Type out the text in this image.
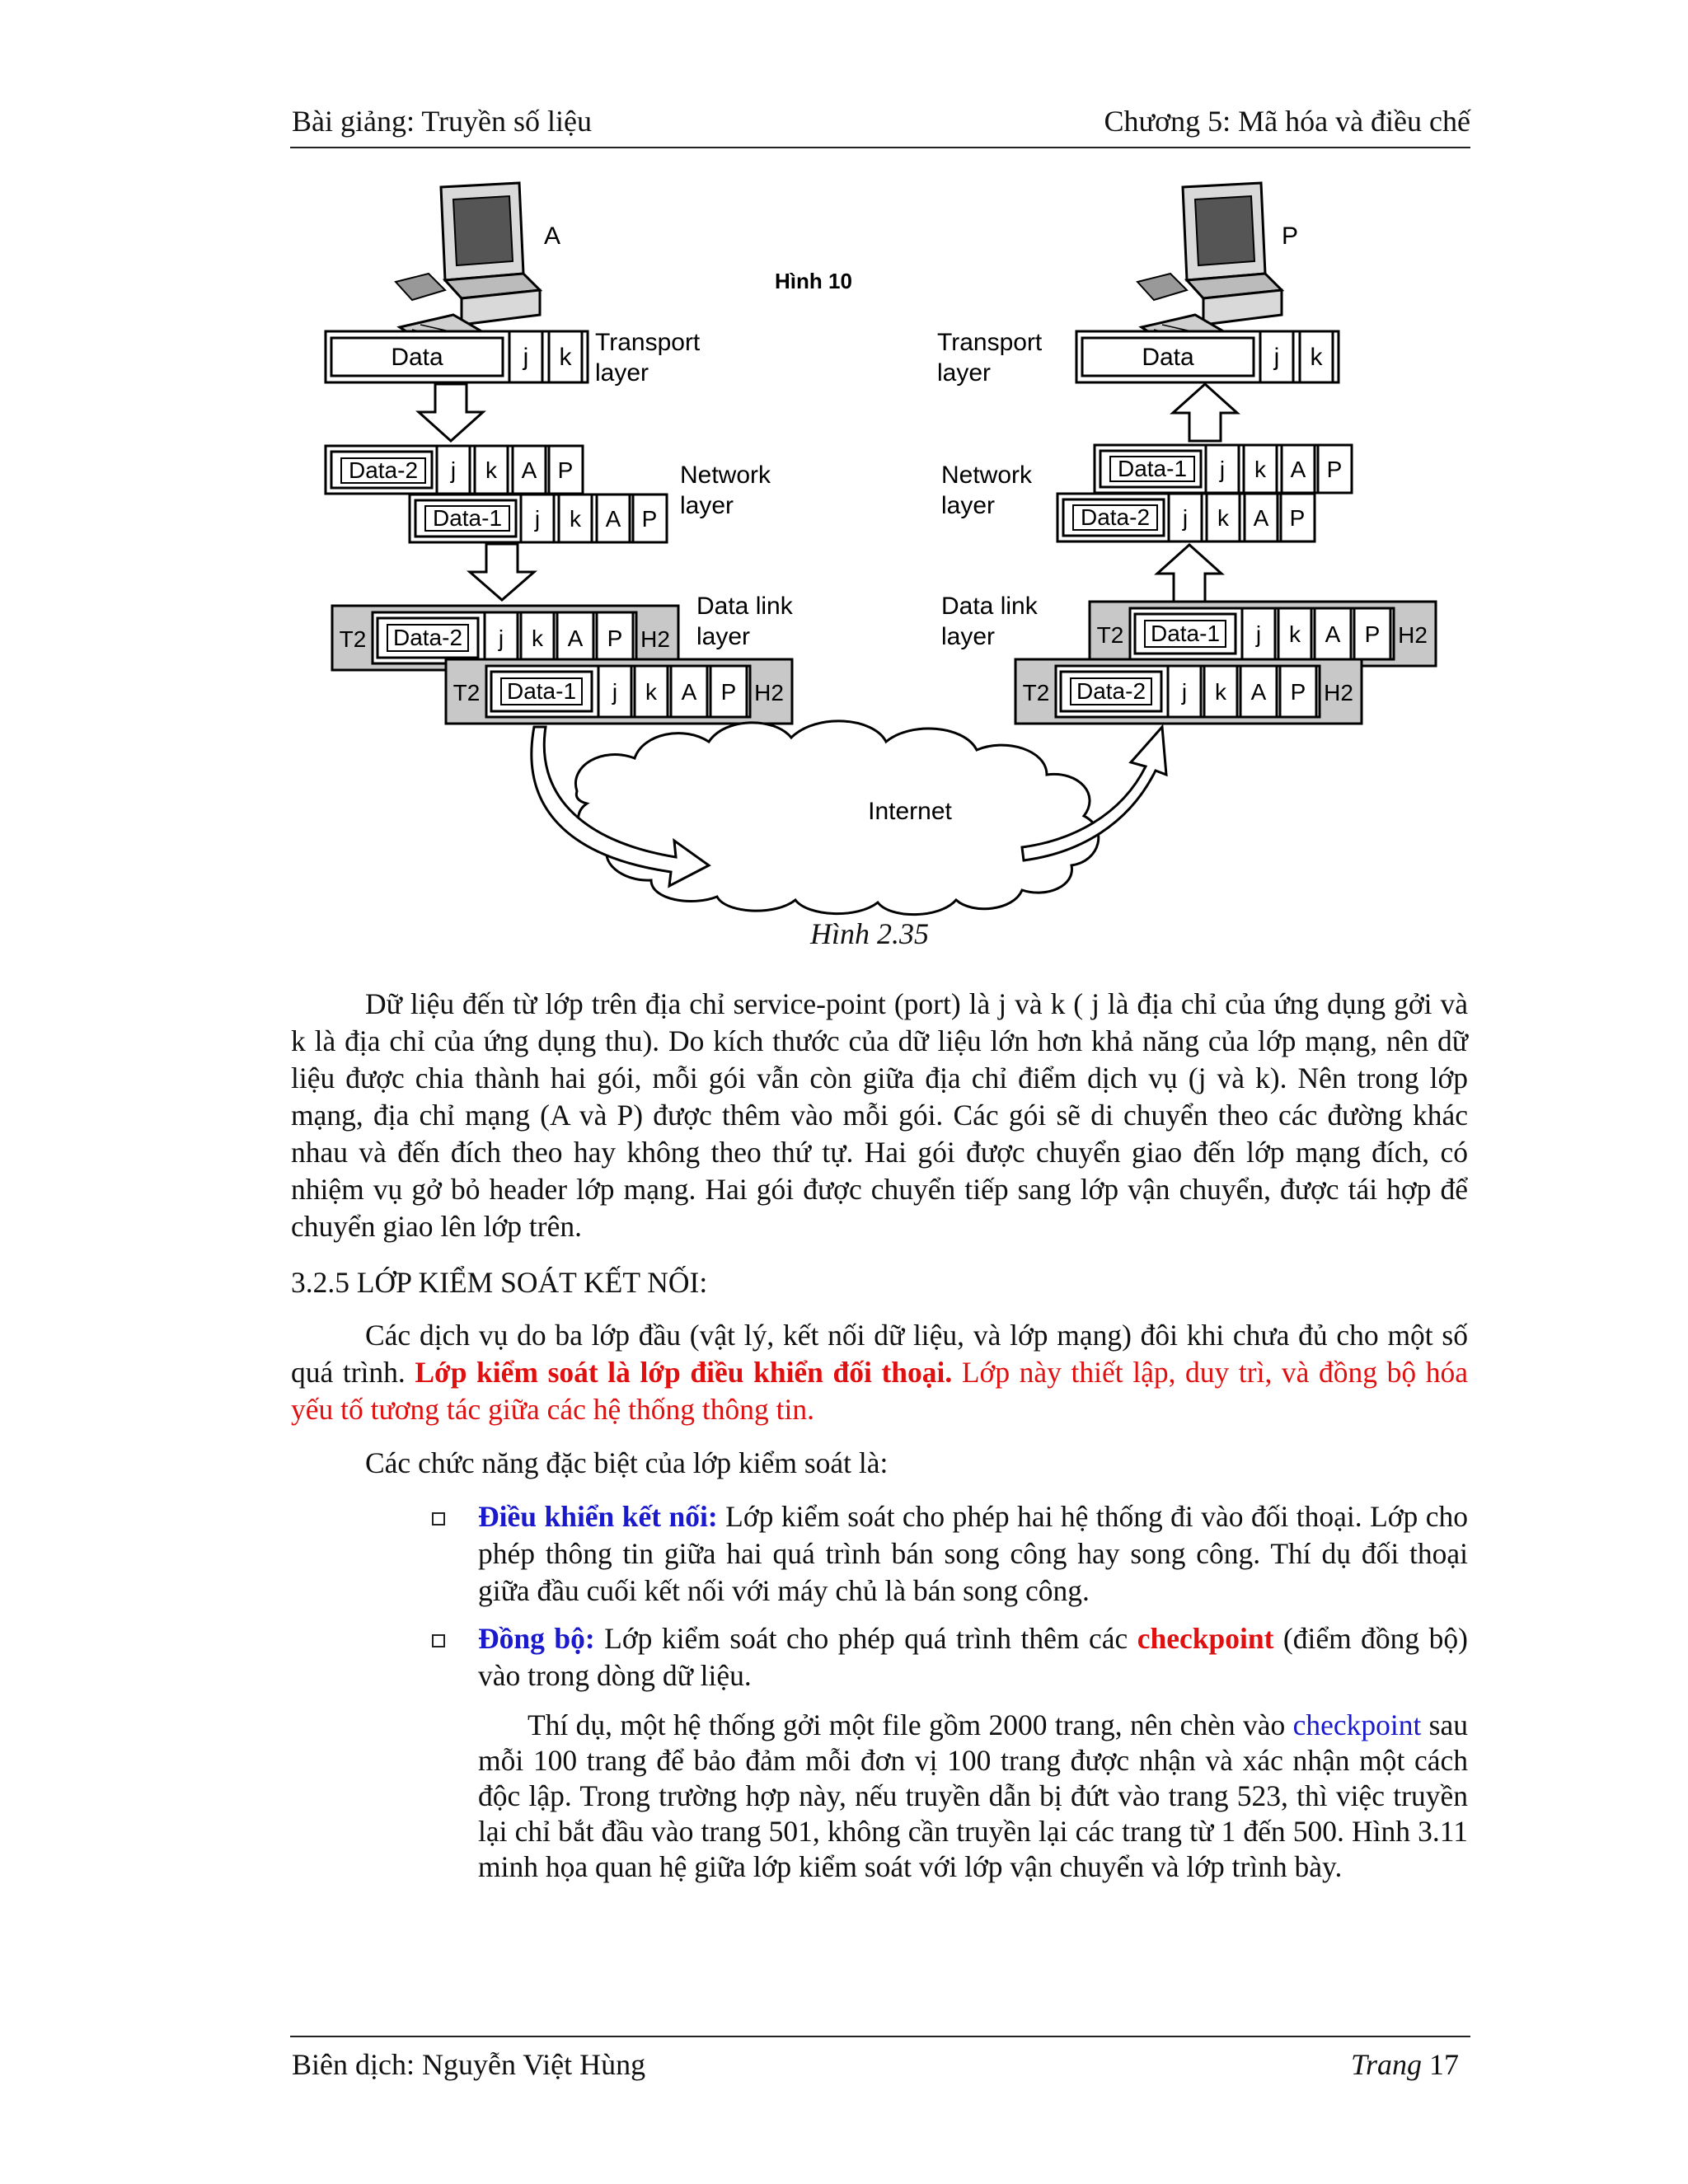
Bài giảng: Truyền số liệu	Chương 5: Mã hóa và điều chế
A	P
Hình 10
Transport
layer
Network
layer
Data link
layer
Transport
layer
Network
layer
Data link
layer
Data	j k	Data	j k
Data-2 j k A P
Data-1 j k A P
Data-1 j k A P
Data-2 j k A P
T2 Data-2 j k A P H2
T2 Data-1 j k A P H2
T2 Data-1 j k A P H2
T2 Data-2 j k A P H2
Internet
Hình 2.35
Dữ liệu đến từ lớp trên địa chỉ service-point (port) là j và k ( j là địa chỉ của ứng dụng gởi và k là địa chỉ của ứng dụng thu). Do kích thước của dữ liệu lớn hơn khả năng của lớp mạng, nên dữ liệu được chia thành hai gói, mỗi gói vẫn còn giữa địa chỉ điểm dịch vụ (j và k). Nên trong lớp mạng, địa chỉ mạng (A và P) được thêm vào mỗi gói. Các gói sẽ di chuyển theo các đường khác nhau và đến đích theo hay không theo thứ tự. Hai gói được chuyển giao đến lớp mạng đích, có nhiệm vụ gở bỏ header lớp mạng. Hai gói được chuyển tiếp sang lớp vận chuyển, được tái hợp để chuyển giao lên lớp trên.
3.2.5 LỚP KIỂM SOÁT KẾT NỐI:
Các dịch vụ do ba lớp đầu (vật lý, kết nối dữ liệu, và lớp mạng) đôi khi chưa đủ cho một số quá trình. Lớp kiểm soát là lớp điều khiển đối thoại. Lớp này thiết lập, duy trì, và đồng bộ hóa yếu tố tương tác giữa các hệ thống thông tin.
Các chức năng đặc biệt của lớp kiểm soát là:
Điều khiển kết nối: Lớp kiểm soát cho phép hai hệ thống đi vào đối thoại. Lớp cho phép thông tin giữa hai quá trình bán song công hay song công. Thí dụ đối thoại giữa đầu cuối kết nối với máy chủ là bán song công.
Đồng bộ: Lớp kiểm soát cho phép quá trình thêm các checkpoint (điểm đồng bộ) vào trong dòng dữ liệu.
Thí dụ, một hệ thống gởi một file gồm 2000 trang, nên chèn vào checkpoint sau mỗi 100 trang để bảo đảm mỗi đơn vị 100 trang được nhận và xác nhận một cách độc lập. Trong trường hợp này, nếu truyền dẫn bị đứt vào trang 523, thì việc truyền lại chỉ bắt đầu vào trang 501, không cần truyền lại các trang từ 1 đến 500. Hình 3.11 minh họa quan hệ giữa lớp kiểm soát với lớp vận chuyển và lớp trình bày.
Biên dịch: Nguyễn Việt Hùng	Trang 17
